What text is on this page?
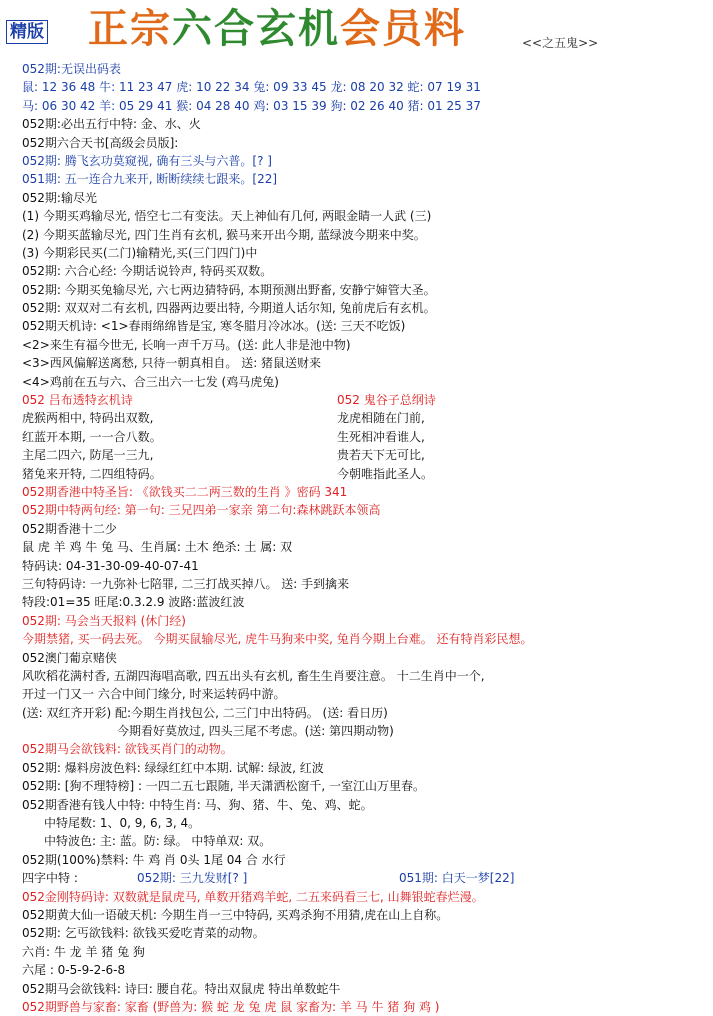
精版 正宗六合玄机会员料	<<之五鬼>>
052期:无误出码表
鼠: 12 36 48 牛: 11 23 47 虎: 10 22 34 兔: 09 33 45 龙: 08 20 32 蛇: 07 19 31
马: 06 30 42 羊: 05 29 41 猴: 04 28 40 鸡: 03 15 39 狗: 02 26 40 猪: 01 25 37
052期:必出五行中特: 金、水、火
052期六合天书[高级会员版]:
052期: 腾飞玄功莫窥视, 确有三头与六普。[? ]
051期: 五一连合九来开, 断断续续七跟来。[22]
052期:输尽光
(1) 今期买鸡输尽光, 悟空七二有变法。天上神仙有几何, 两眼金睛一人武 (三)
(2) 今期买蓝输尽光, 四门生肖有玄机, 猴马来开出今期, 蓝绿波今期来中奖。
(3) 今期彩民买(二门)输精光,买(三门四门)中
052期: 六合心经: 今期话说铃声, 特码买双数。
052期: 今期买兔输尽光, 六七两边猜特码, 本期预测出野畜, 安静宁婶管大圣。
052期: 双双对二有玄机, 四器两边要出特, 今期道人话尔知, 兔前虎后有玄机。
052期天机诗: <1>春雨绵绵皆是宝, 寒冬腊月冷冰冰。(送: 三天不吃饭)
<2>来生有福今世无, 长响一声千万马。(送: 此人非是池中物)
<3>西风偏解送离愁, 只待一朝真相自。 送: 猪鼠送财来
<4>鸡前在五与六、合三出六一七发 (鸡马虎兔)
052 吕布透特玄机诗	052 鬼谷子总纲诗
虎猴两相中, 特码出双数,	龙虎相随在门前,
红蓝开本期, 一一合八数。	生死相冲看谁人,
主尾二四六, 防尾一三九,	贵若天下无可比,
猪兔来开特, 二四组特码。	今朝唯指此圣人。
052期香港中特圣旨: 《欲钱买二二两三数的生肖 》密码 341
052期中特两句经: 第一句: 三兄四弟一家亲 第二句:森林跳跃本领高
052期香港十二少
鼠 虎 羊 鸡 牛 兔 马、生肖属: 土木 绝杀: 土 属: 双
特码诀: 04-31-30-09-40-07-41
三句特码诗: 一九弥补七陪罪, 二三打战买掉八。 送: 手到擒来
特段:01=35 旺尾:0.3.2.9 波路:蓝波红波
052期: 马会当天报料 (休门经)
今期禁猪, 买一码去死。 今期买鼠输尽光, 虎牛马狗来中奖, 兔肖今期上台难。 还有特肖彩民想。
052澳门葡京赌侠
风吹稻花满村香, 五湖四海唱高歌, 四五出头有玄机, 畜生生肖要注意。 十二生肖中一个,
开过一门又一 六合中间门缘分, 时来运转码中游。
(送: 双红齐开彩) 配:今期生肖找包公, 二三门中出特码。 (送: 看日历)
今期看好莫放过, 四头三尾不考虑。(送: 第四期动物)
052期马会欲钱料: 欲钱买肖门的动物。
052期: 爆料房波色料: 绿绿红红中本期. 试解: 绿波, 红波
052期: [狗不理特榜] : 一四二五七跟随, 半天潇洒松窗千, 一室江山万里春。
052期香港有钱人中特: 中特生肖: 马、狗、猪、牛、兔、鸡、蛇。
中特尾数: 1、0, 9, 6, 3, 4。
中特波色: 主: 蓝。防: 绿。 中特单双: 双。
052期(100%)禁料: 牛 鸡 肖 0头 1尾 04 合 水行
四字中特 :	052期: 三九发财[? ]	051期: 白天一梦[22]
052金刚特码诗: 双数就是鼠虎马, 单数开猪鸡羊蛇, 二五来码看三七, 山舞银蛇春烂漫。
052期黄大仙一语破天机: 今期生肖一三中特码, 买鸡杀狗不用猜,虎在山上自称。
052期: 乞丐欲钱料: 欲钱买爱吃青菜的动物。
六肖: 牛 龙 羊 猪 兔 狗
六尾 : 0-5-9-2-6-8
052期马会欲钱料: 诗曰: 腰自花。特出双鼠虎 特出单数蛇牛
052期野兽与家畜: 家畜 (野兽为: 猴 蛇 龙 兔 虎 鼠 家畜为: 羊 马 牛 猪 狗 鸡 )
